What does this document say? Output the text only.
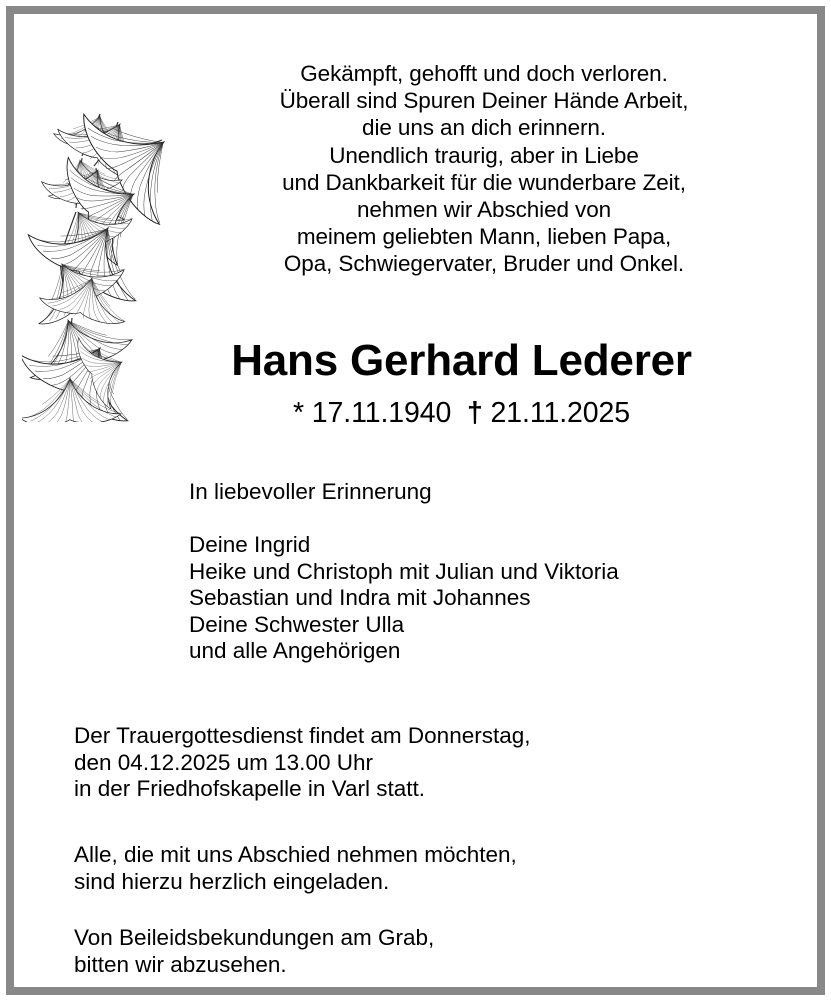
Gekämpft, gehofft und doch verloren.
Überall sind Spuren Deiner Hände Arbeit,
die uns an dich erinnern.
Unendlich traurig, aber in Liebe
und Dankbarkeit für die wunderbare Zeit,
nehmen wir Abschied von
meinem geliebten Mann, lieben Papa,
Opa, Schwiegervater, Bruder und Onkel.
Hans Gerhard Lederer
* 17.11.1940 † 21.11.2025
In liebevoller Erinnerung
Deine Ingrid
Heike und Christoph mit Julian und Viktoria
Sebastian und Indra mit Johannes
Deine Schwester Ulla
und alle Angehörigen
Der Trauergottesdienst findet am Donnerstag,
den 04.12.2025 um 13.00 Uhr
in der Friedhofskapelle in Varl statt.
Alle, die mit uns Abschied nehmen möchten,
sind hierzu herzlich eingeladen.
Von Beileidsbekundungen am Grab,
bitten wir abzusehen.
